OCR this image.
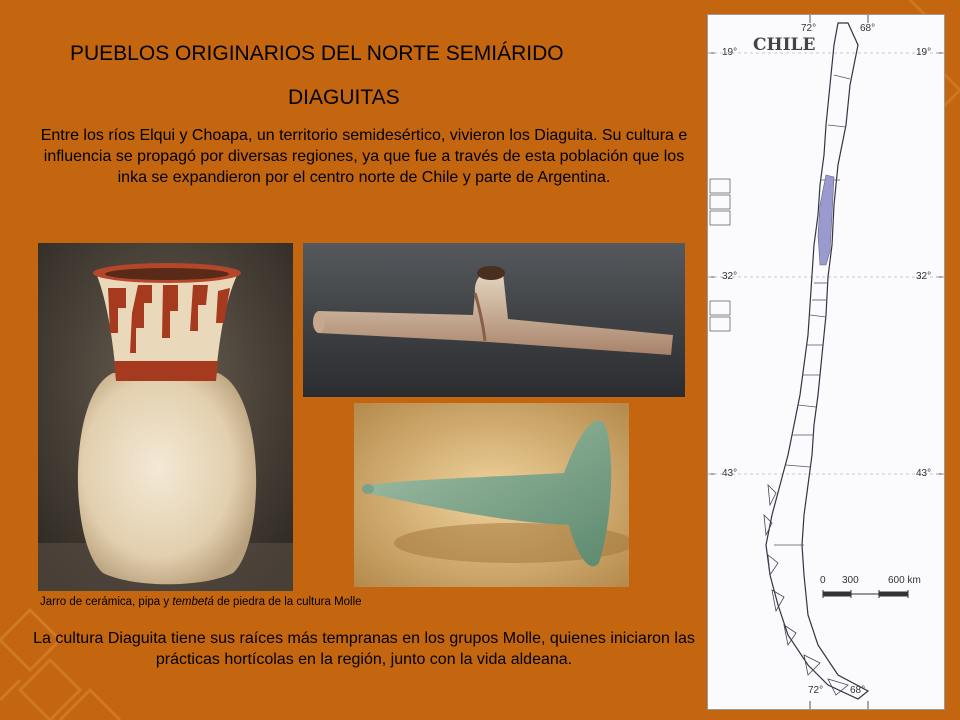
PUEBLOS ORIGINARIOS DEL NORTE SEMIÁRIDO
DIAGUITAS
Entre los ríos Elqui y Choapa, un territorio semidesértico, vivieron los Diaguita. Su cultura e influencia se propagó por diversas regiones, ya que fue a través de esta población que los inka se expandieron por el centro norte de Chile y parte de Argentina.
Jarro de cerámica, pipa y tembetá de piedra de la cultura Molle
La cultura Diaguita tiene sus raíces más tempranas en los grupos Molle, quienes iniciaron las prácticas hortícolas en la región, junto con la vida aldeana.
CHILE
72°	68°
19°	19°
32°	32°
43°	43°
0 300	600 km
72°	68°
